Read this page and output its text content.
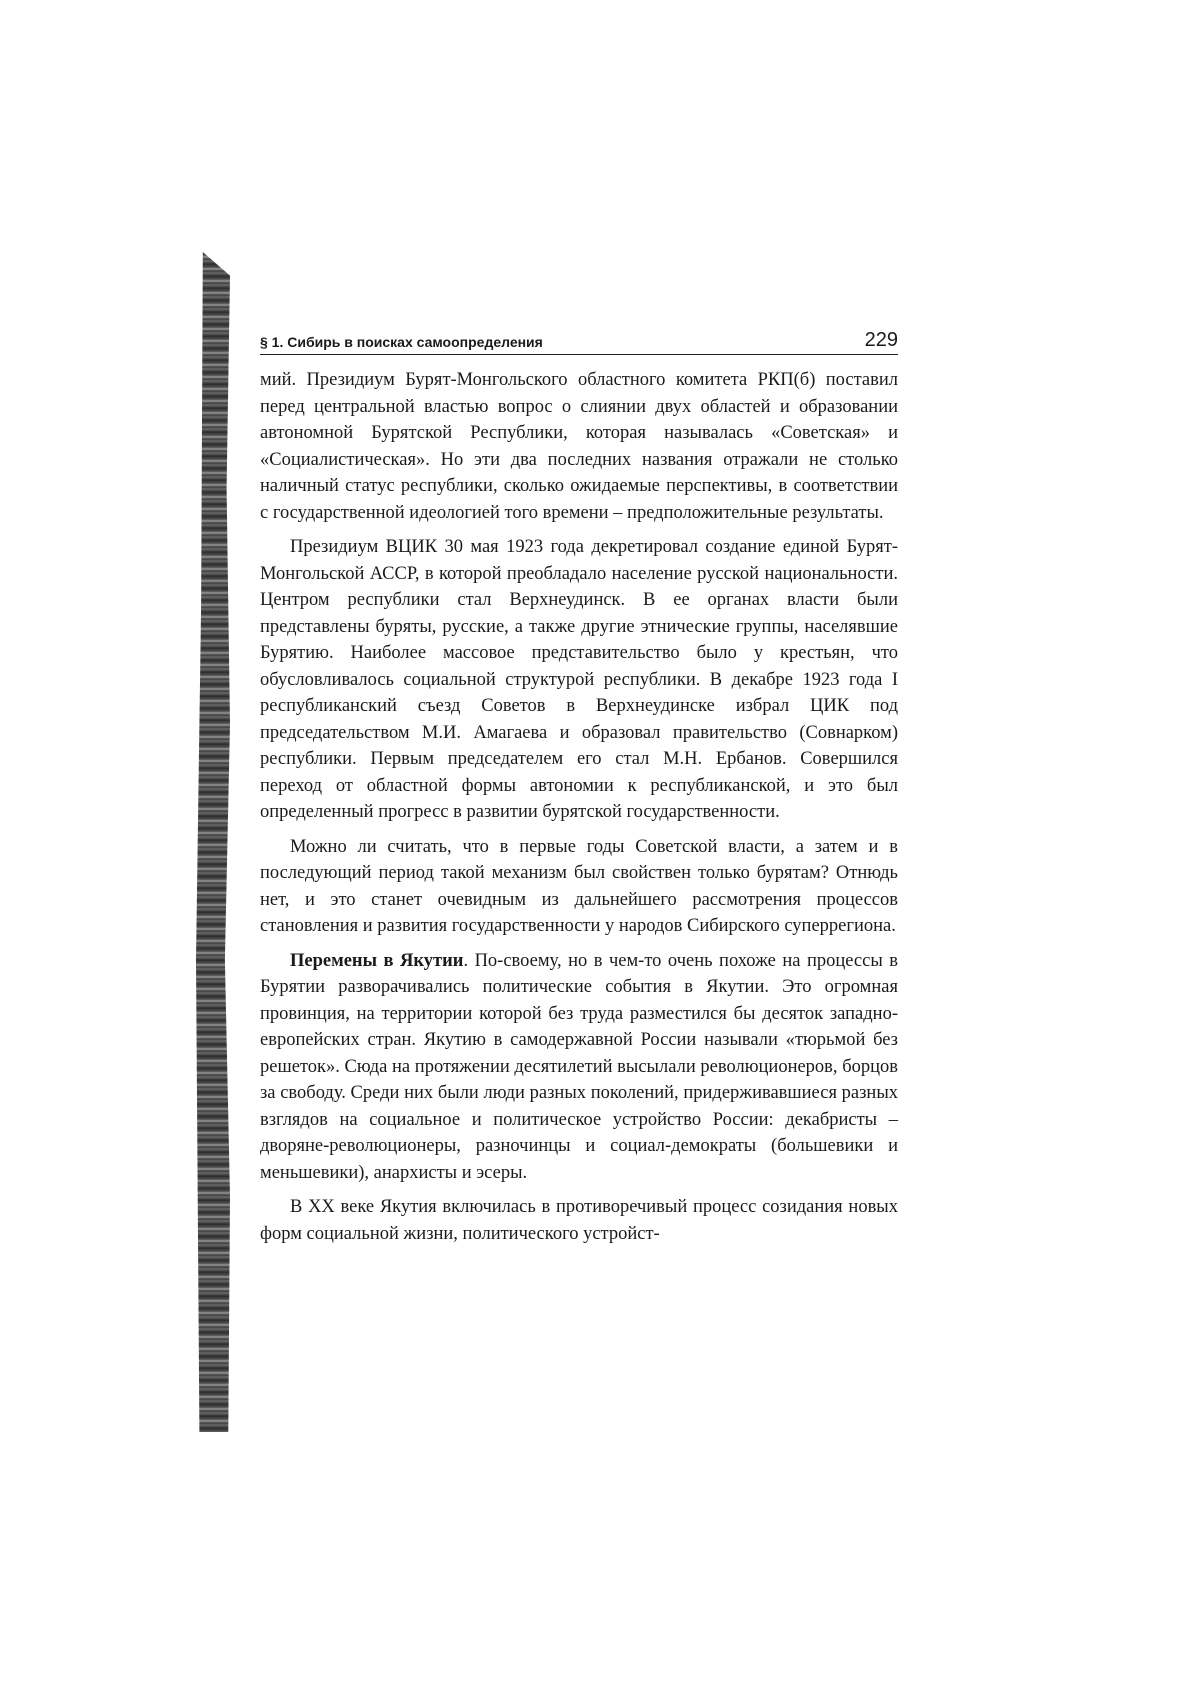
§ 1. Сибирь в поисках самоопределения	229

мий. Президиум Бурят-Монгольского областного комитета РКП(б) поставил перед центральной властью вопрос о слиянии двух областей и образовании автономной Бурятской Республики, которая называлась «Советская» и «Социалистическая». Но эти два последних названия отражали не столько наличный статус республики, сколько ожидаемые перспективы, в соответствии с государственной идеологией того времени – предположительные результаты.

Президиум ВЦИК 30 мая 1923 года декретировал создание единой Бурят-Монгольской АССР, в которой преобладало население русской национальности. Центром республики стал Верхнеудинск. В ее органах власти были представлены буряты, русские, а также другие этнические группы, населявшие Бурятию. Наиболее массовое представительство было у крестьян, что обусловливалось социальной структурой республики. В декабре 1923 года I республиканский съезд Советов в Верхнеудинске избрал ЦИК под председательством М.И. Амагаева и образовал правительство (Совнарком) республики. Первым председателем его стал М.Н. Ербанов. Совершился переход от областной формы автономии к республиканской, и это был определенный прогресс в развитии бурятской государственности.

Можно ли считать, что в первые годы Советской власти, а затем и в последующий период такой механизм был свойствен только бурятам? Отнюдь нет, и это станет очевидным из дальнейшего рассмотрения процессов становления и развития государственности у народов Сибирского суперрегиона.

Перемены в Якутии. По-своему, но в чем-то очень похоже на процессы в Бурятии разворачивались политические события в Якутии. Это огромная провинция, на территории которой без труда разместился бы десяток западно-европейских стран. Якутию в самодержавной России называли «тюрьмой без решеток». Сюда на протяжении десятилетий высылали революционеров, борцов за свободу. Среди них были люди разных поколений, придерживавшиеся разных взглядов на социальное и политическое устройство России: декабристы – дворяне-революционеры, разночинцы и социал-демократы (большевики и меньшевики), анархисты и эсеры.

В XX веке Якутия включилась в противоречивый процесс созидания новых форм социальной жизни, политического устройст-
